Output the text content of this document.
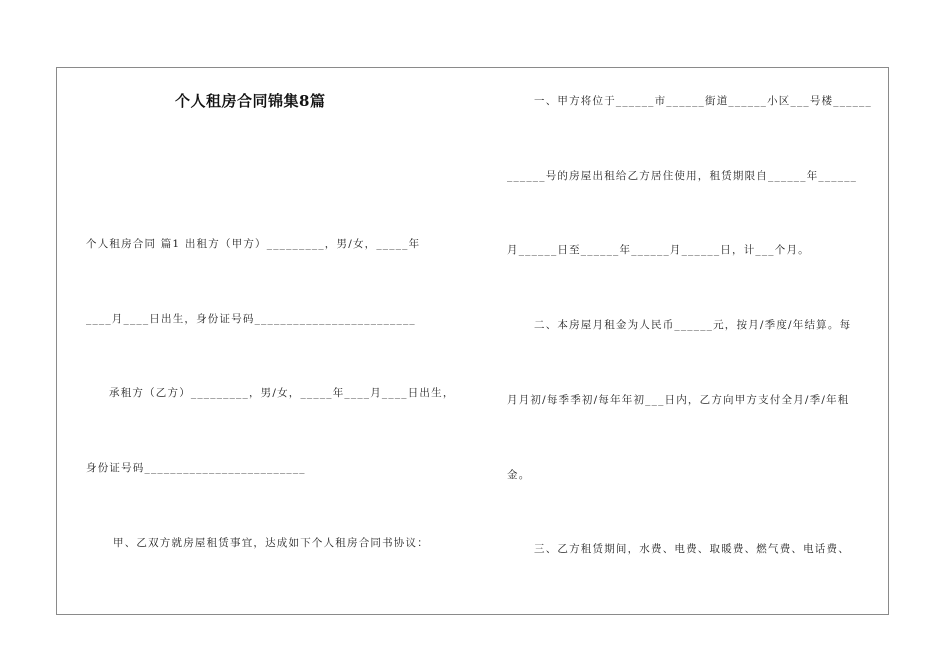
个人租房合同锦集8篇
个人租房合同 篇1 出租方（甲方）_________，男/女，_____年
____月____日出生，身份证号码_________________________
承租方（乙方）_________，男/女，_____年____月____日出生，
身份证号码_________________________
甲、乙双方就房屋租赁事宜，达成如下个人租房合同书协议：
一、甲方将位于______市______街道______小区___号楼______
______号的房屋出租给乙方居住使用，租赁期限自______年______
月______日至______年______月______日，计___个月。
二、本房屋月租金为人民币______元，按月/季度/年结算。每
月月初/每季季初/每年年初___日内，乙方向甲方支付全月/季/年租
金。
三、乙方租赁期间，水费、电费、取暖费、燃气费、电话费、
